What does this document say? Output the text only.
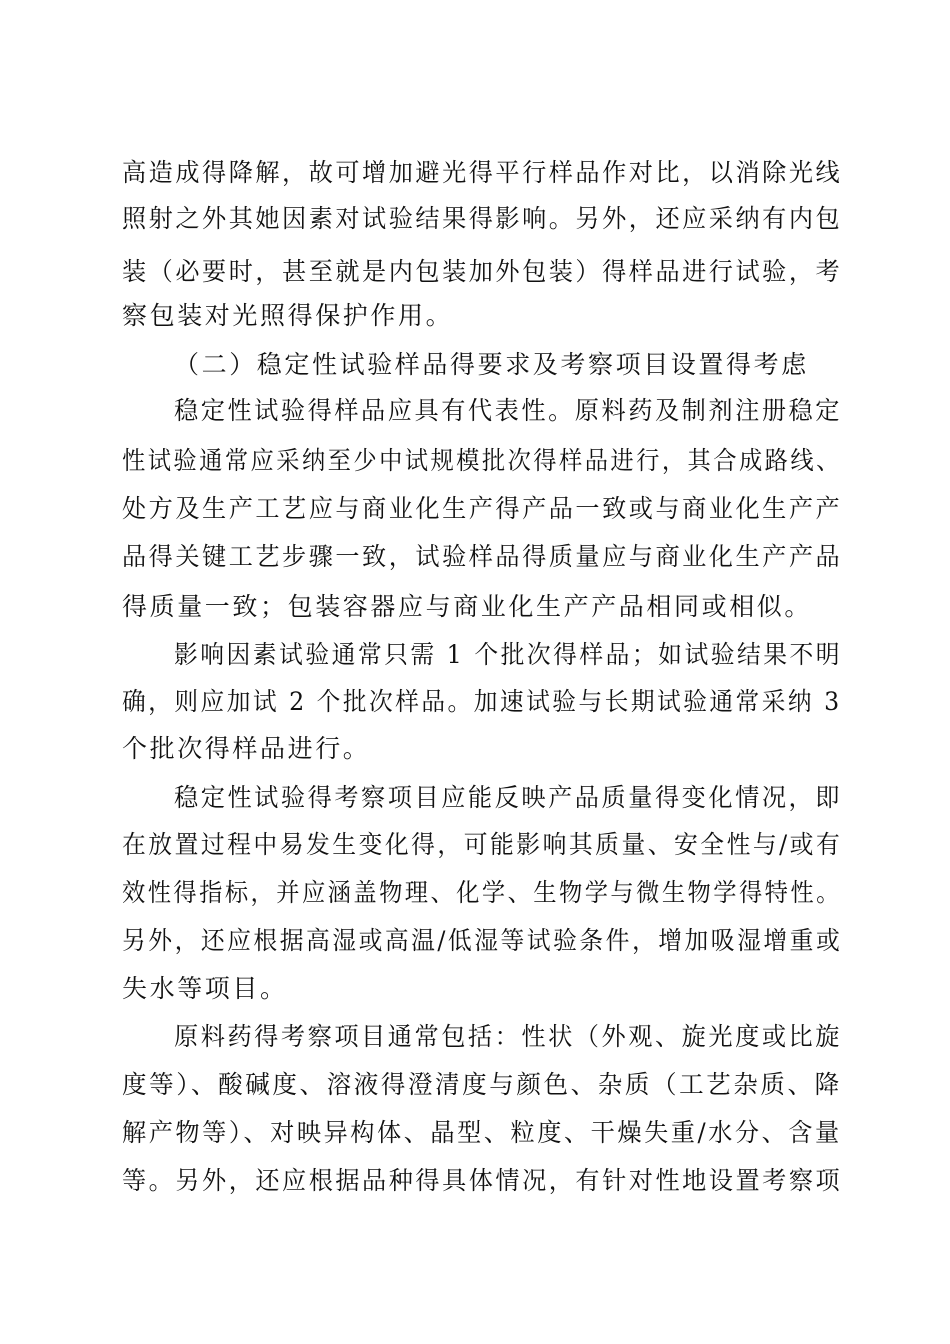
高造成得降解，故可增加避光得平行样品作对比，以消除光线
照射之外其她因素对试验结果得影响。另外，还应采纳有内包
装（必要时，甚至就是内包装加外包装）得样品进行试验，考
察包装对光照得保护作用。
（二）稳定性试验样品得要求及考察项目设置得考虑
稳定性试验得样品应具有代表性。原料药及制剂注册稳定
性试验通常应采纳至少中试规模批次得样品进行，其合成路线、
处方及生产工艺应与商业化生产得产品一致或与商业化生产产
品得关键工艺步骤一致，试验样品得质量应与商业化生产产品
得质量一致；包装容器应与商业化生产产品相同或相似。
影响因素试验通常只需 1 个批次得样品；如试验结果不明
确，则应加试 2 个批次样品。加速试验与长期试验通常采纳 3
个批次得样品进行。
稳定性试验得考察项目应能反映产品质量得变化情况，即
在放置过程中易发生变化得，可能影响其质量、安全性与/或有
效性得指标，并应涵盖物理、化学、生物学与微生物学得特性。
另外，还应根据高湿或高温/低湿等试验条件，增加吸湿增重或
失水等项目。
原料药得考察项目通常包括：性状（外观、旋光度或比旋
度等）、酸碱度、溶液得澄清度与颜色、杂质（工艺杂质、降
解产物等）、对映异构体、晶型、粒度、干燥失重/水分、含量
等。另外，还应根据品种得具体情况，有针对性地设置考察项
